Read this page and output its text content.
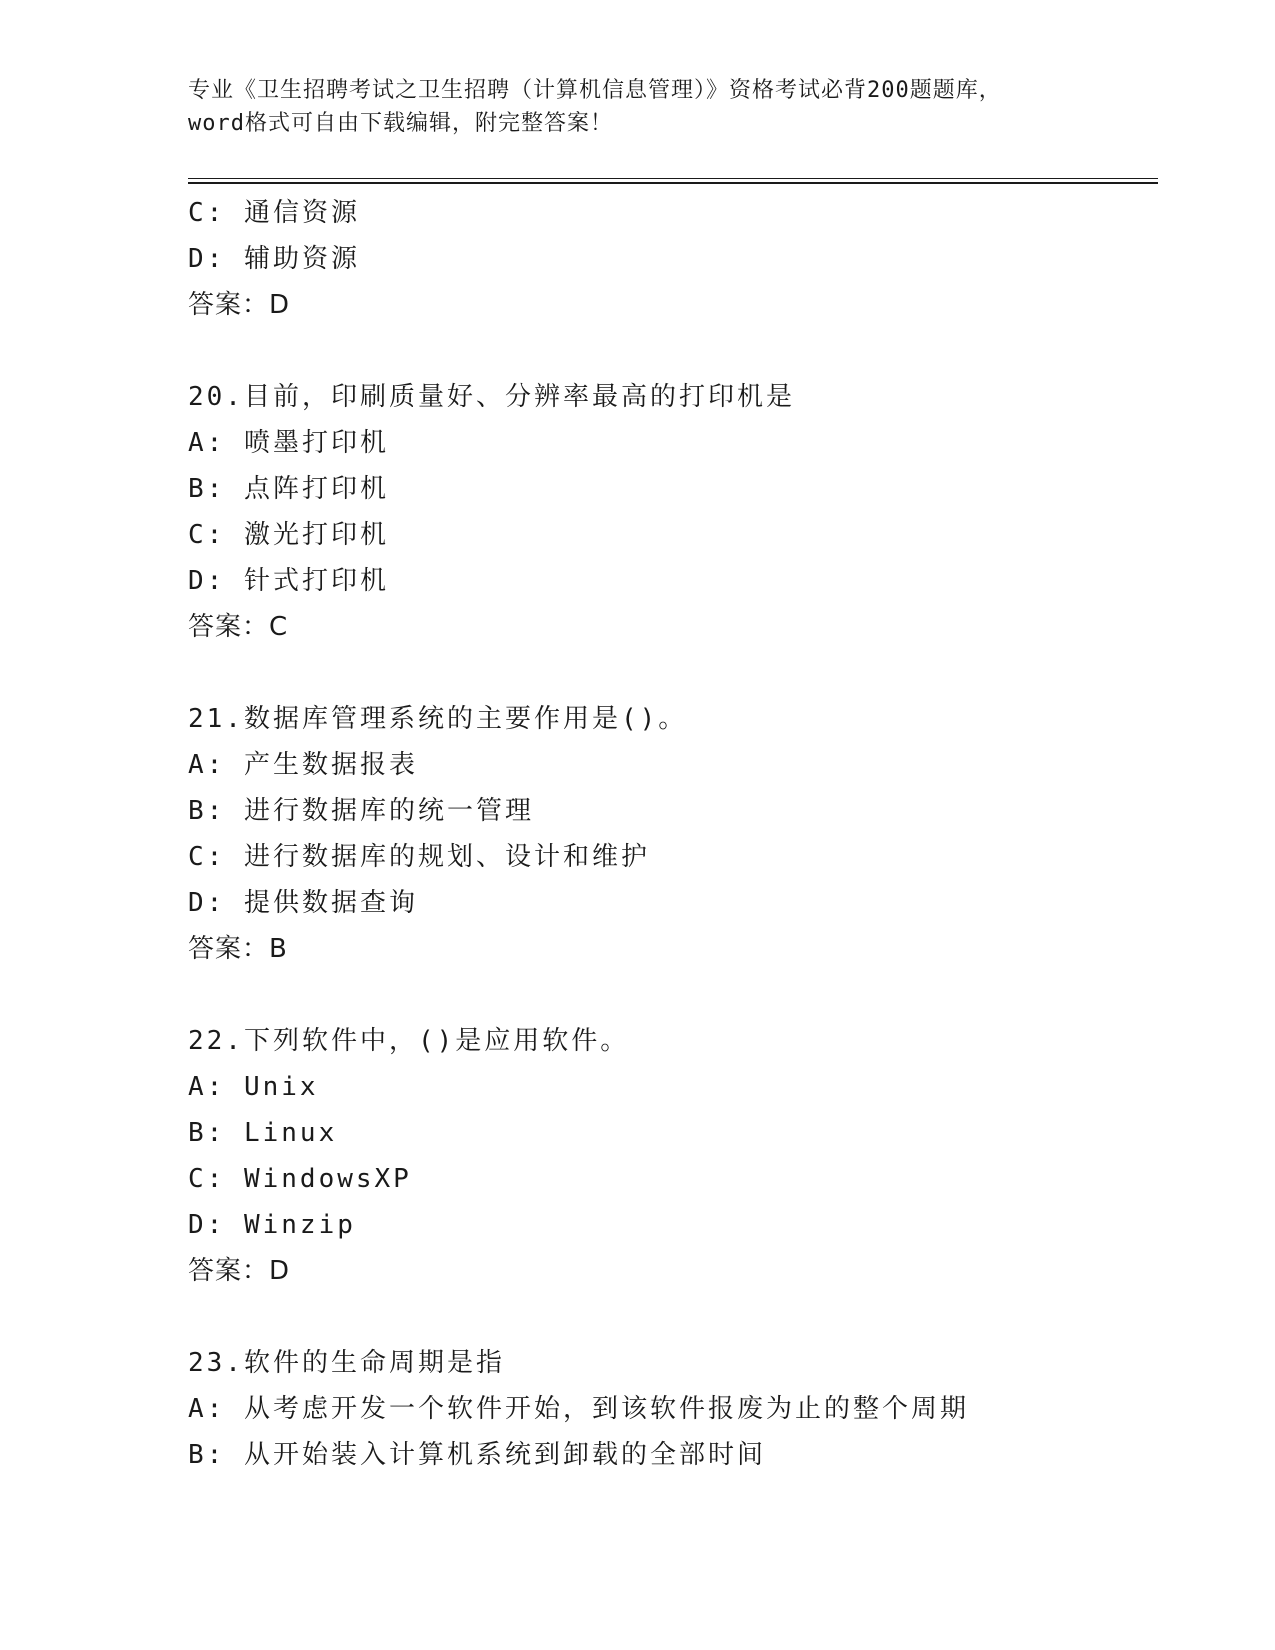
专业《卫生招聘考试之卫生招聘（计算机信息管理）》资格考试必背200题题库，
word格式可自由下载编辑，附完整答案！
C: 通信资源
D: 辅助资源
答案：D
20.目前，印刷质量好、分辨率最高的打印机是
A: 喷墨打印机
B: 点阵打印机
C: 激光打印机
D: 针式打印机
答案：C
21.数据库管理系统的主要作用是()。
A: 产生数据报表
B: 进行数据库的统一管理
C: 进行数据库的规划、设计和维护
D: 提供数据查询
答案：B
22.下列软件中，()是应用软件。
A: Unix
B: Linux
C: WindowsXP
D: Winzip
答案：D
23.软件的生命周期是指
A: 从考虑开发一个软件开始，到该软件报废为止的整个周期
B: 从开始装入计算机系统到卸载的全部时间
